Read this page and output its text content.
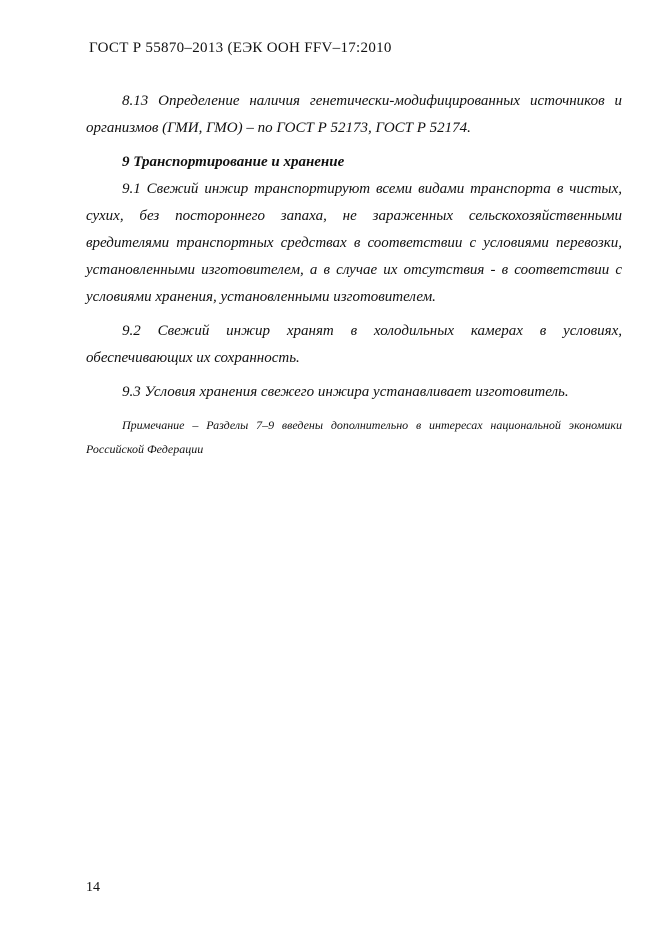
ГОСТ Р 55870–2013 (ЕЭК ООН FFV–17:2010

8.13 Определение наличия генетически-модифицированных источников и организмов (ГМИ, ГМО) – по ГОСТ Р 52173, ГОСТ Р 52174.

9 Транспортирование и хранение

9.1 Свежий инжир транспортируют всеми видами транспорта в чистых, сухих, без постороннего запаха, не зараженных сельскохозяйственными вредителями транспортных средствах в соответствии с условиями перевозки, установленными изготовителем, а в случае их отсутствия - в соответствии с условиями хранения, установленными изготовителем.

9.2 Свежий инжир хранят в холодильных камерах в условиях, обеспечивающих их сохранность.

9.3 Условия хранения свежего инжира устанавливает изготовитель.

Примечание – Разделы 7–9 введены дополнительно в интересах национальной экономики Российской Федерации

14
